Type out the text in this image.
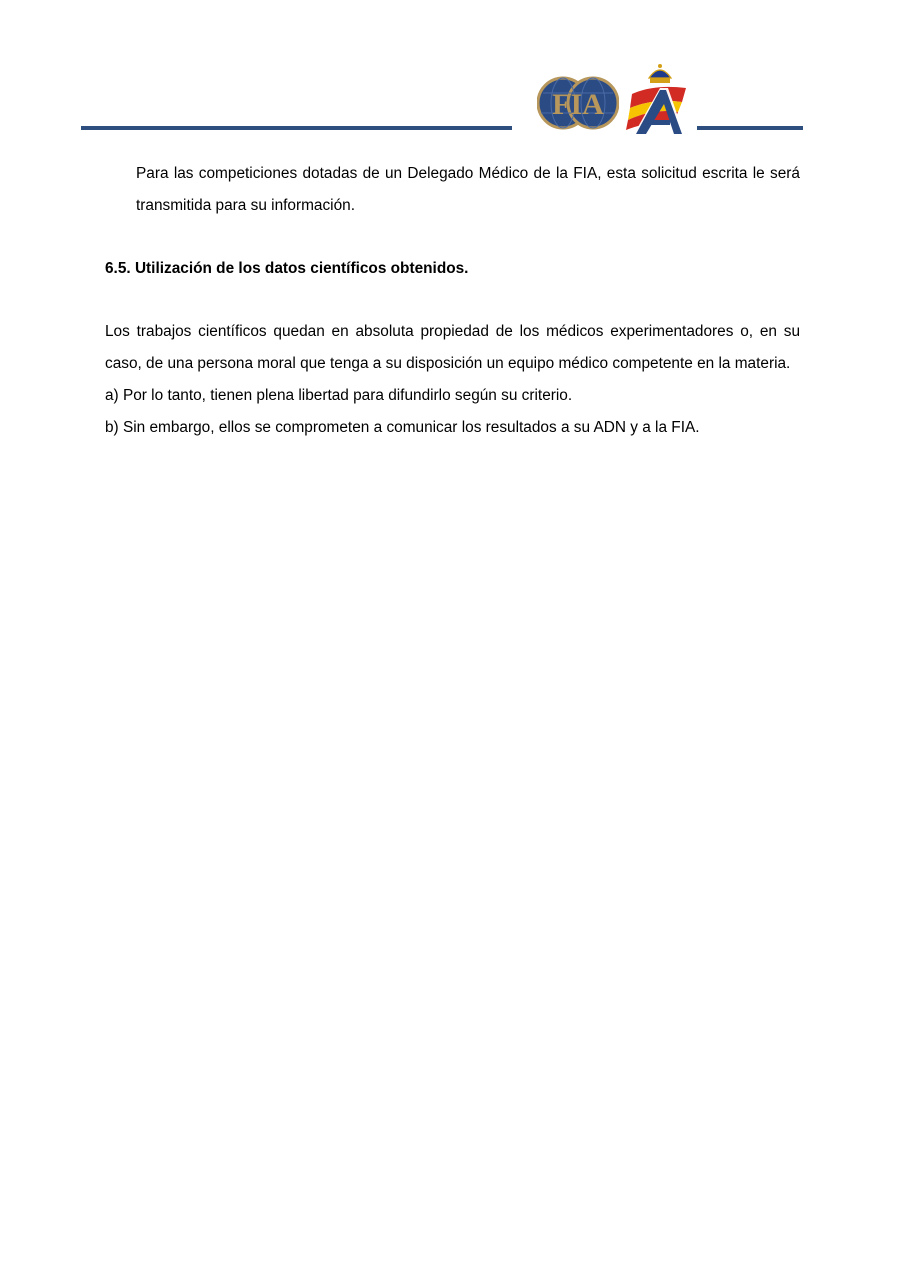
FIA

Para las competiciones dotadas de un Delegado Médico de la FIA, esta solicitud escrita le será transmitida para su información.

6.5. Utilización de los datos científicos obtenidos.

Los trabajos científicos quedan en absoluta propiedad de los médicos experimentadores o, en su caso, de una persona moral que tenga a su disposición un equipo médico competente en la materia.

a) Por lo tanto, tienen plena libertad para difundirlo según su criterio.

b) Sin embargo, ellos se comprometen a comunicar los resultados a su ADN y a la FIA.
